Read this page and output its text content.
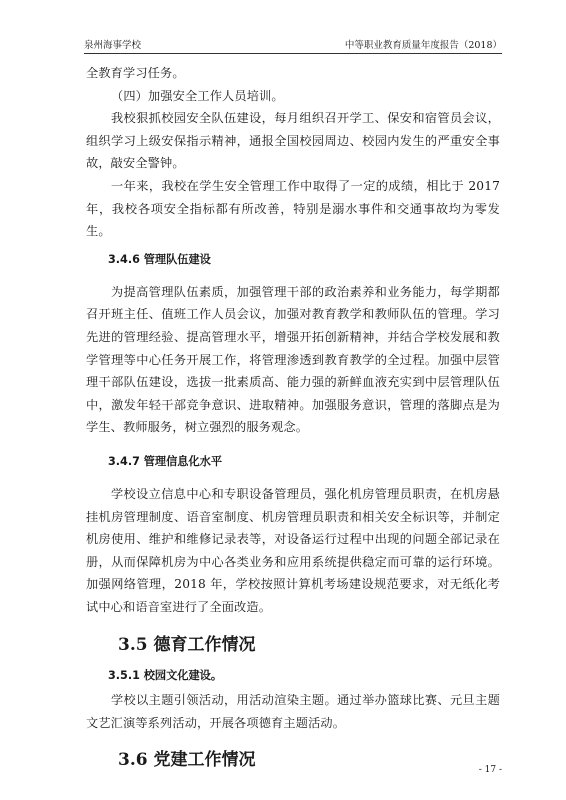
泉州海事学校	中等职业教育质量年度报告（2018）

全教育学习任务。

（四）加强安全工作人员培训。

我校狠抓校园安全队伍建设，每月组织召开学工、保安和宿管员会议，组织学习上级安保指示精神，通报全国校园周边、校园内发生的严重安全事故，敲安全警钟。

一年来，我校在学生安全管理工作中取得了一定的成绩，相比于 2017 年，我校各项安全指标都有所改善，特别是溺水事件和交通事故均为零发生。

3.4.6 管理队伍建设

为提高管理队伍素质，加强管理干部的政治素养和业务能力，每学期都召开班主任、值班工作人员会议，加强对教育教学和教师队伍的管理。学习先进的管理经验、提高管理水平，增强开拓创新精神，并结合学校发展和教学管理等中心任务开展工作，将管理渗透到教育教学的全过程。加强中层管理干部队伍建设，选拔一批素质高、能力强的新鲜血液充实到中层管理队伍中，激发年轻干部竞争意识、进取精神。加强服务意识，管理的落脚点是为学生、教师服务，树立强烈的服务观念。

3.4.7 管理信息化水平

学校设立信息中心和专职设备管理员，强化机房管理员职责，在机房悬挂机房管理制度、语音室制度、机房管理员职责和相关安全标识等，并制定机房使用、维护和维修记录表等，对设备运行过程中出现的问题全部记录在册，从而保障机房为中心各类业务和应用系统提供稳定而可靠的运行环境。加强网络管理，2018 年，学校按照计算机考场建设规范要求，对无纸化考试中心和语音室进行了全面改造。

3.5 德育工作情况

3.5.1 校园文化建设。

学校以主题引领活动，用活动渲染主题。通过举办篮球比赛、元旦主题文艺汇演等系列活动，开展各项德育主题活动。

3.6 党建工作情况

- 17 -
